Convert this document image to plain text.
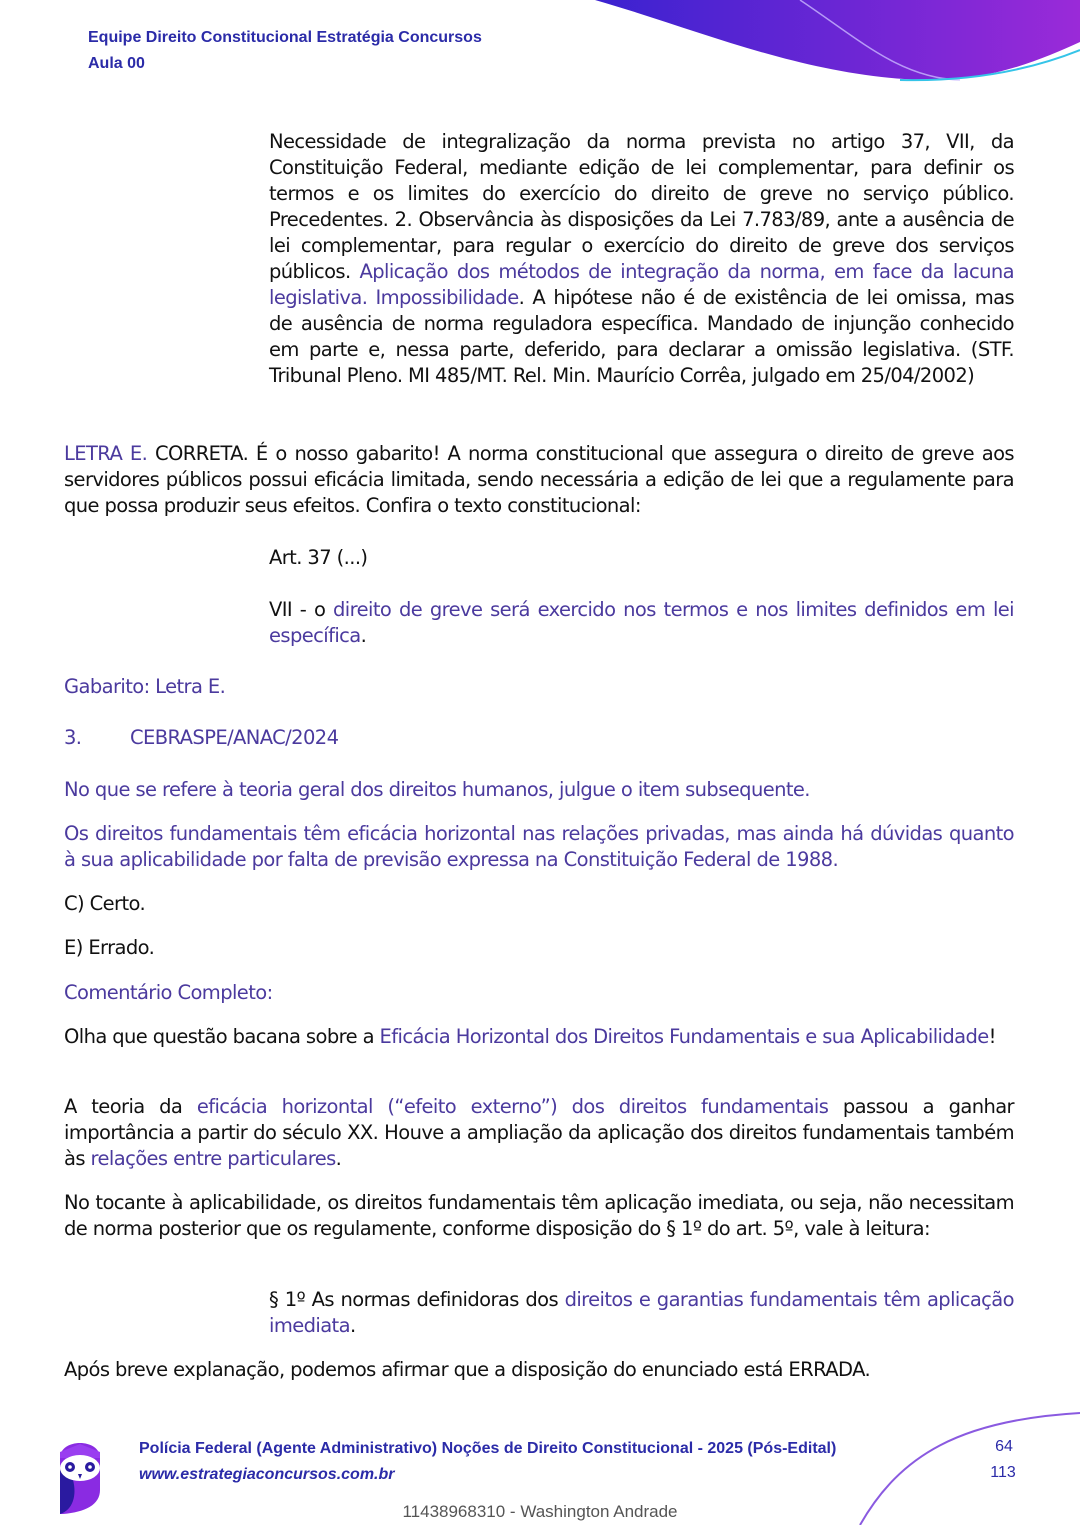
Equipe Direito Constitucional Estratégia Concursos
Aula 00

Necessidade de integralização da norma prevista no artigo 37, VII, da Constituição Federal, mediante edição de lei complementar, para definir os termos e os limites do exercício do direito de greve no serviço público. Precedentes. 2. Observância às disposições da Lei 7.783/89, ante a ausência de lei complementar, para regular o exercício do direito de greve dos serviços públicos. Aplicação dos métodos de integração da norma, em face da lacuna legislativa. Impossibilidade. A hipótese não é de existência de lei omissa, mas de ausência de norma reguladora específica. Mandado de injunção conhecido em parte e, nessa parte, deferido, para declarar a omissão legislativa. (STF. Tribunal Pleno. MI 485/MT. Rel. Min. Maurício Corrêa, julgado em 25/04/2002)

LETRA E. CORRETA. É o nosso gabarito! A norma constitucional que assegura o direito de greve aos servidores públicos possui eficácia limitada, sendo necessária a edição de lei que a regulamente para que possa produzir seus efeitos. Confira o texto constitucional:

Art. 37 (...)

VII - o direito de greve será exercido nos termos e nos limites definidos em lei específica.

Gabarito: Letra E.
3. CEBRASPE/ANAC/2024
No que se refere à teoria geral dos direitos humanos, julgue o item subsequente.
Os direitos fundamentais têm eficácia horizontal nas relações privadas, mas ainda há dúvidas quanto à sua aplicabilidade por falta de previsão expressa na Constituição Federal de 1988.
C) Certo.
E) Errado.
Comentário Completo:

Olha que questão bacana sobre a Eficácia Horizontal dos Direitos Fundamentais e sua Aplicabilidade!

A teoria da eficácia horizontal (“efeito externo”) dos direitos fundamentais passou a ganhar importância a partir do século XX. Houve a ampliação da aplicação dos direitos fundamentais também às relações entre particulares.

No tocante à aplicabilidade, os direitos fundamentais têm aplicação imediata, ou seja, não necessitam de norma posterior que os regulamente, conforme disposição do § 1º do art. 5º, vale à leitura:

§ 1º As normas definidoras dos direitos e garantias fundamentais têm aplicação imediata.

Após breve explanação, podemos afirmar que a disposição do enunciado está ERRADA.
Polícia Federal (Agente Administrativo) Noções de Direito Constitucional - 2025 (Pós-Edital)
www.estrategiaconcursos.com.br
64
113
11438968310 - Washington Andrade
